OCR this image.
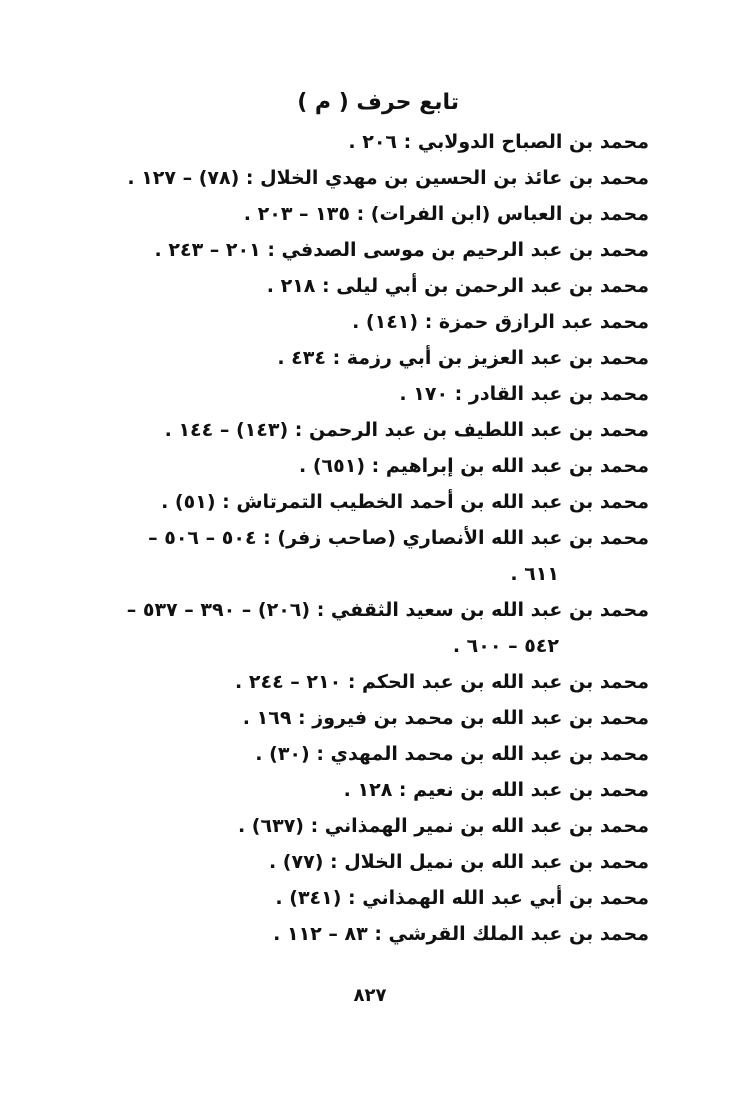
تابع حرف ( م )
محمد بن الصباح الدولابي : ٢٠٦ .
محمد بن عائذ بن الحسين بن مهدي الخلال : (٧٨) – ١٢٧ .
محمد بن العباس (ابن الفرات) : ١٣٥ – ٢٠٣ .
محمد بن عبد الرحيم بن موسى الصدفي : ٢٠١ – ٢٤٣ .
محمد بن عبد الرحمن بن أبي ليلى : ٢١٨ .
محمد عبد الرازق حمزة : (١٤١) .
محمد بن عبد العزيز بن أبي رزمة : ٤٣٤ .
محمد بن عبد القادر : ١٧٠ .
محمد بن عبد اللطيف بن عبد الرحمن : (١٤٣) – ١٤٤ .
محمد بن عبد الله بن إبراهيم : (٦٥١) .
محمد بن عبد الله بن أحمد الخطيب التمرتاش : (٥١) .
محمد بن عبد الله الأنصاري (صاحب زفر) : ٥٠٤ – ٥٠٦ –
٦١١ .
محمد بن عبد الله بن سعيد الثقفي : (٢٠٦) – ٣٩٠ – ٥٣٧ –
٥٤٢ – ٦٠٠ .
محمد بن عبد الله بن عبد الحكم : ٢١٠ – ٢٤٤ .
محمد بن عبد الله بن محمد بن فيروز : ١٦٩ .
محمد بن عبد الله بن محمد المهدي : (٣٠) .
محمد بن عبد الله بن نعيم : ١٢٨ .
محمد بن عبد الله بن نمير الهمذاني : (٦٣٧) .
محمد بن عبد الله بن نميل الخلال : (٧٧) .
محمد بن أبي عبد الله الهمذاني : (٣٤١) .
محمد بن عبد الملك القرشي : ٨٣ – ١١٢ .
٨٢٧
